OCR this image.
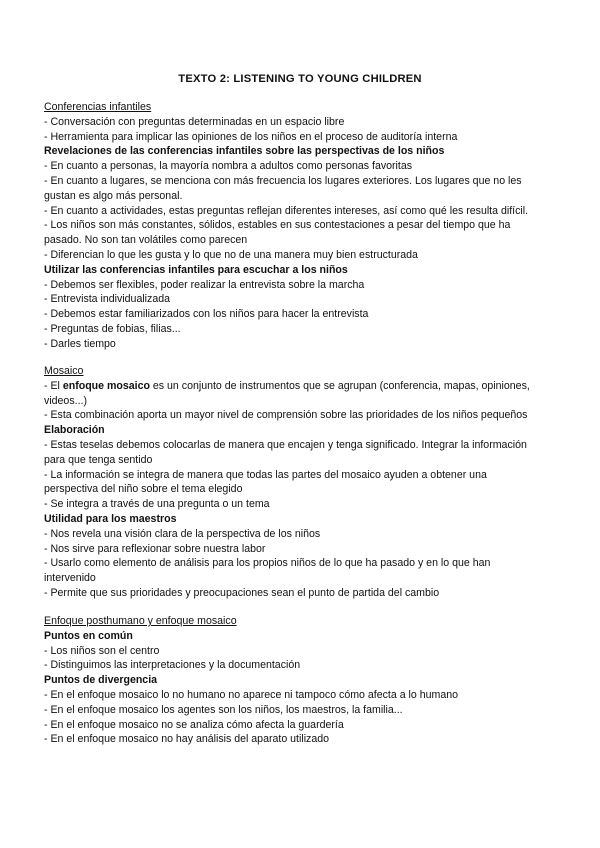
TEXTO 2: LISTENING TO YOUNG CHILDREN
Conferencias infantiles
- Conversación con preguntas determinadas en un espacio libre
- Herramienta para implicar las opiniones de los niños en el proceso de auditoría interna
Revelaciones de las conferencias infantiles sobre las perspectivas de los niños
- En cuanto a personas, la mayoría nombra a adultos como personas favoritas
- En cuanto a lugares, se menciona con más frecuencia los lugares exteriores. Los lugares que no les
gustan es algo más personal.
- En cuanto a actividades, estas preguntas reflejan diferentes intereses, así como qué les resulta difícil.
- Los niños son más constantes, sólidos, estables en sus contestaciones a pesar del tiempo que ha
pasado. No son tan volátiles como parecen
- Diferencian lo que les gusta y lo que no de una manera muy bien estructurada
Utilizar las conferencias infantiles para escuchar a los niños
- Debemos ser flexibles, poder realizar la entrevista sobre la marcha
- Entrevista individualizada
- Debemos estar familiarizados con los niños para hacer la entrevista
- Preguntas de fobias, filias...
- Darles tiempo
Mosaico
- El enfoque mosaico es un conjunto de instrumentos que se agrupan (conferencia, mapas, opiniones,
videos...)
- Esta combinación aporta un mayor nivel de comprensión sobre las prioridades de los niños pequeños
Elaboración
- Estas teselas debemos colocarlas de manera que encajen y tenga significado. Integrar la información
para que tenga sentido
- La información se integra de manera que todas las partes del mosaico ayuden a obtener una
perspectiva del niño sobre el tema elegido
- Se integra a través de una pregunta o un tema
Utilidad para los maestros
- Nos revela una visión clara de la perspectiva de los niños
- Nos sirve para reflexionar sobre nuestra labor
- Usarlo como elemento de análisis para los propios niños de lo que ha pasado y en lo que han
intervenido
- Permite que sus prioridades y preocupaciones sean el punto de partida del cambio
Enfoque posthumano y enfoque mosaico
Puntos en común
- Los niños son el centro
- Distinguimos las interpretaciones y la documentación
Puntos de divergencia
- En el enfoque mosaico lo no humano no aparece ni tampoco cómo afecta a lo humano
- En el enfoque mosaico los agentes son los niños, los maestros, la familia...
- En el enfoque mosaico no se analiza cómo afecta la guardería
- En el enfoque mosaico no hay análisis del aparato utilizado
